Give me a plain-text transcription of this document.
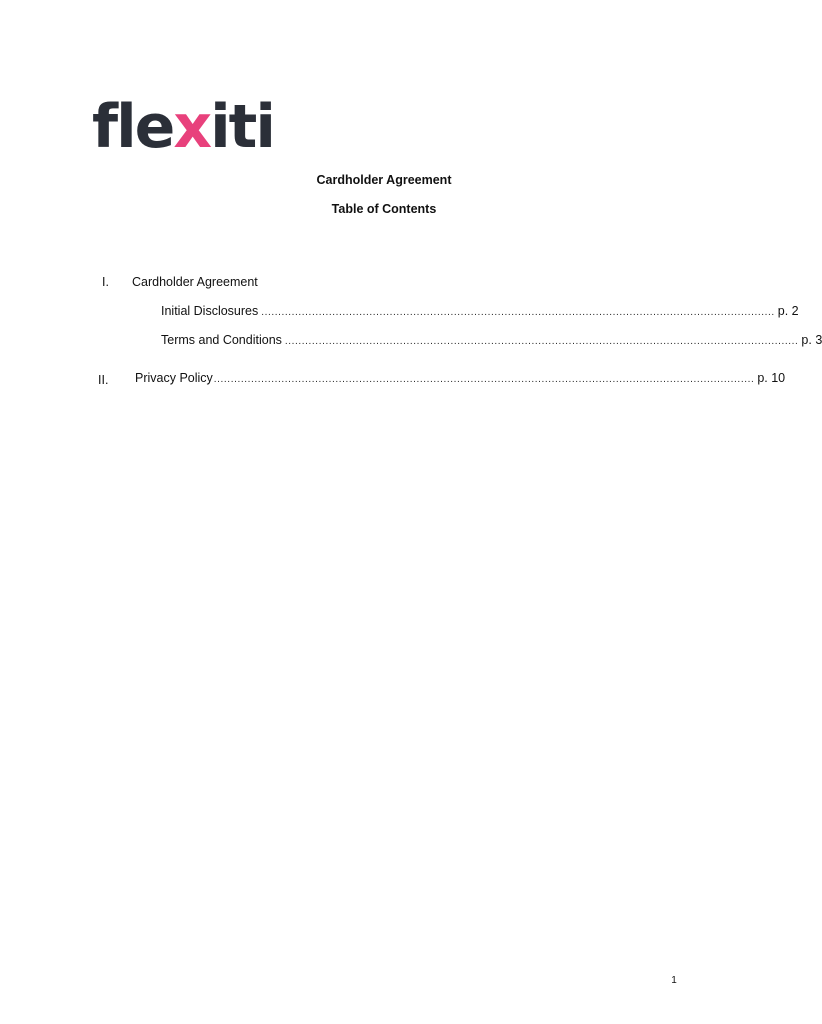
flexiti
Cardholder Agreement
Table of Contents
I. Cardholder Agreement
Initial Disclosures ........................................................................................................................................................ p. 2
Terms and Conditions ........................................................................................................................................................ p. 3
II. Privacy Policy ................................................................................................................................................................ p. 10
1
